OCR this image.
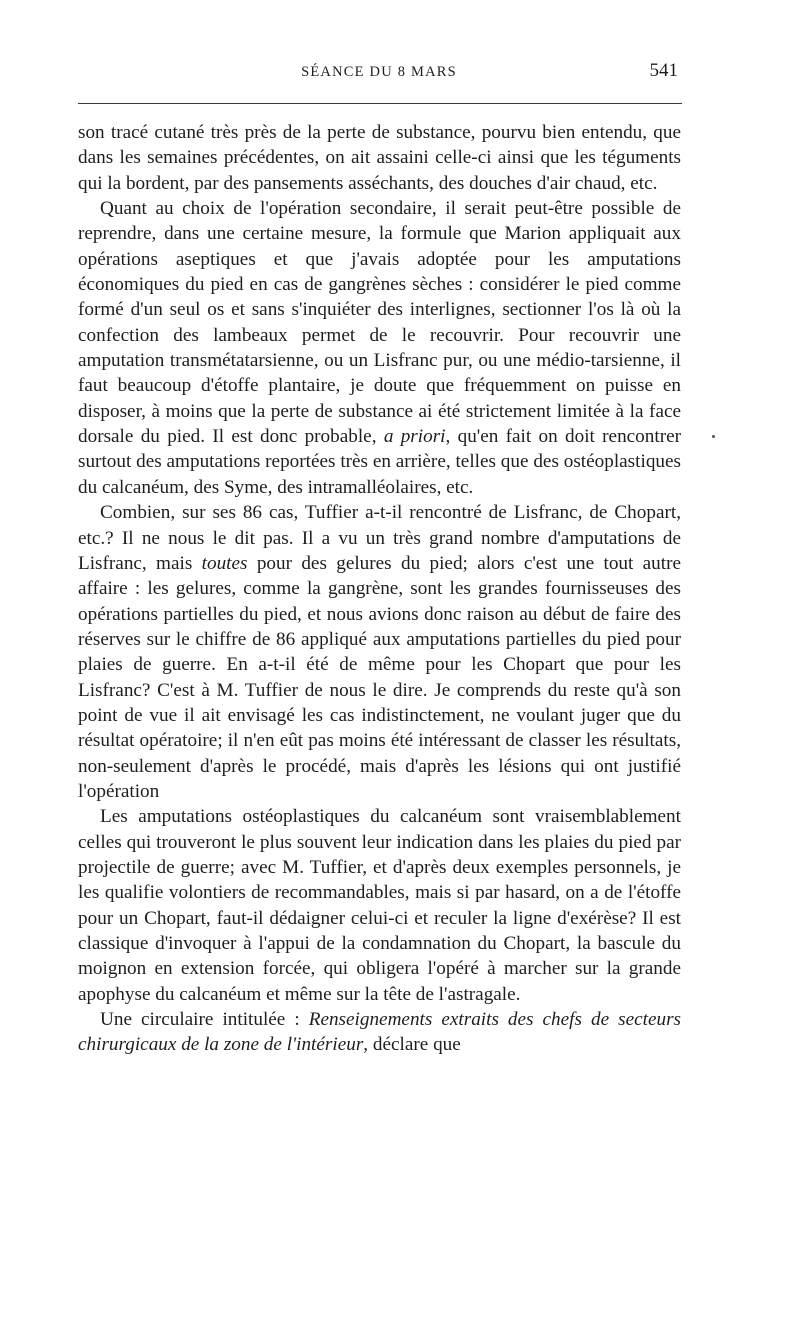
SÉANCE DU 8 MARS	541

son tracé cutané très près de la perte de substance, pourvu bien entendu, que dans les semaines précédentes, on ait assaini celle-ci ainsi que les téguments qui la bordent, par des pansements asséchants, des douches d'air chaud, etc.

Quant au choix de l'opération secondaire, il serait peut-être possible de reprendre, dans une certaine mesure, la formule que Marion appliquait aux opérations aseptiques et que j'avais adoptée pour les amputations économiques du pied en cas de gangrènes sèches : considérer le pied comme formé d'un seul os et sans s'inquiéter des interlignes, sectionner l'os là où la confection des lambeaux permet de le recouvrir. Pour recouvrir une amputation transmétatarsienne, ou un Lisfranc pur, ou une médio-tarsienne, il faut beaucoup d'étoffe plantaire, je doute que fréquemment on puisse en disposer, à moins que la perte de substance ai été strictement limitée à la face dorsale du pied. Il est donc probable, a priori, qu'en fait on doit rencontrer surtout des amputations reportées très en arrière, telles que des ostéoplastiques du calcanéum, des Syme, des intramalléolaires, etc.

Combien, sur ses 86 cas, Tuffier a-t-il rencontré de Lisfranc, de Chopart, etc.? Il ne nous le dit pas. Il a vu un très grand nombre d'amputations de Lisfranc, mais toutes pour des gelures du pied; alors c'est une tout autre affaire : les gelures, comme la gangrène, sont les grandes fournisseuses des opérations partielles du pied, et nous avions donc raison au début de faire des réserves sur le chiffre de 86 appliqué aux amputations partielles du pied pour plaies de guerre. En a-t-il été de même pour les Chopart que pour les Lisfranc? C'est à M. Tuffier de nous le dire. Je comprends du reste qu'à son point de vue il ait envisagé les cas indistinctement, ne voulant juger que du résultat opératoire; il n'en eût pas moins été intéressant de classer les résultats, non-seulement d'après le procédé, mais d'après les lésions qui ont justifié l'opération

Les amputations ostéoplastiques du calcanéum sont vraisemblablement celles qui trouveront le plus souvent leur indication dans les plaies du pied par projectile de guerre; avec M. Tuffier, et d'après deux exemples personnels, je les qualifie volontiers de recommandables, mais si par hasard, on a de l'étoffe pour un Chopart, faut-il dédaigner celui-ci et reculer la ligne d'exérèse? Il est classique d'invoquer à l'appui de la condamnation du Chopart, la bascule du moignon en extension forcée, qui obligera l'opéré à marcher sur la grande apophyse du calcanéum et même sur la tête de l'astragale.

Une circulaire intitulée : Renseignements extraits des chefs de secteurs chirurgicaux de la zone de l'intérieur, déclare que
